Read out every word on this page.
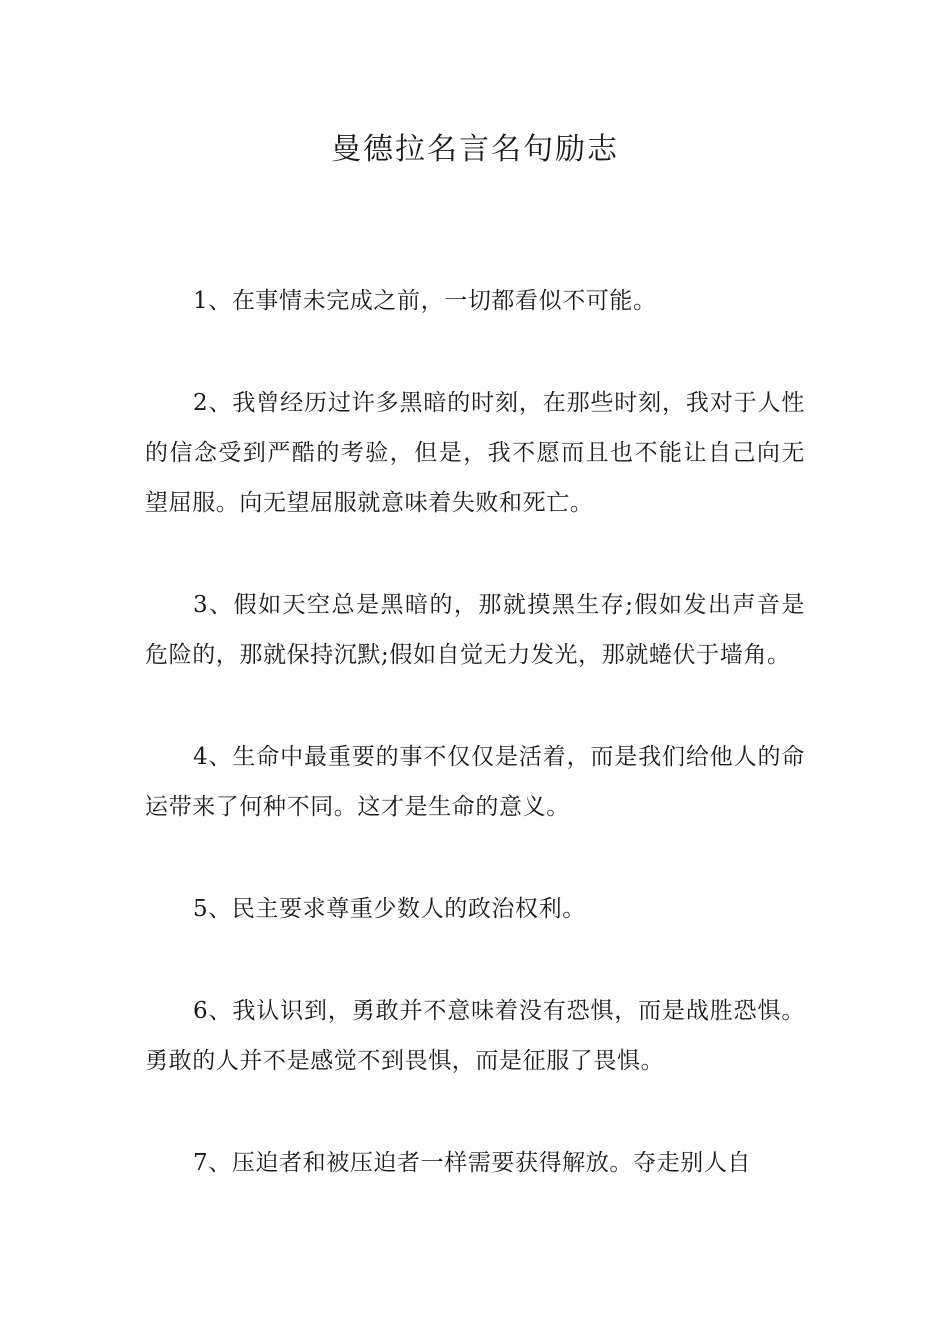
曼德拉名言名句励志

1、在事情未完成之前，一切都看似不可能。

2、我曾经历过许多黑暗的时刻，在那些时刻，我对于人性的信念受到严酷的考验，但是，我不愿而且也不能让自己向无望屈服。向无望屈服就意味着失败和死亡。

3、假如天空总是黑暗的，那就摸黑生存;假如发出声音是危险的，那就保持沉默;假如自觉无力发光，那就蜷伏于墙角。

4、生命中最重要的事不仅仅是活着，而是我们给他人的命运带来了何种不同。这才是生命的意义。

5、民主要求尊重少数人的政治权利。

6、我认识到，勇敢并不意味着没有恐惧，而是战胜恐惧。勇敢的人并不是感觉不到畏惧，而是征服了畏惧。

7、压迫者和被压迫者一样需要获得解放。夺走别人自
